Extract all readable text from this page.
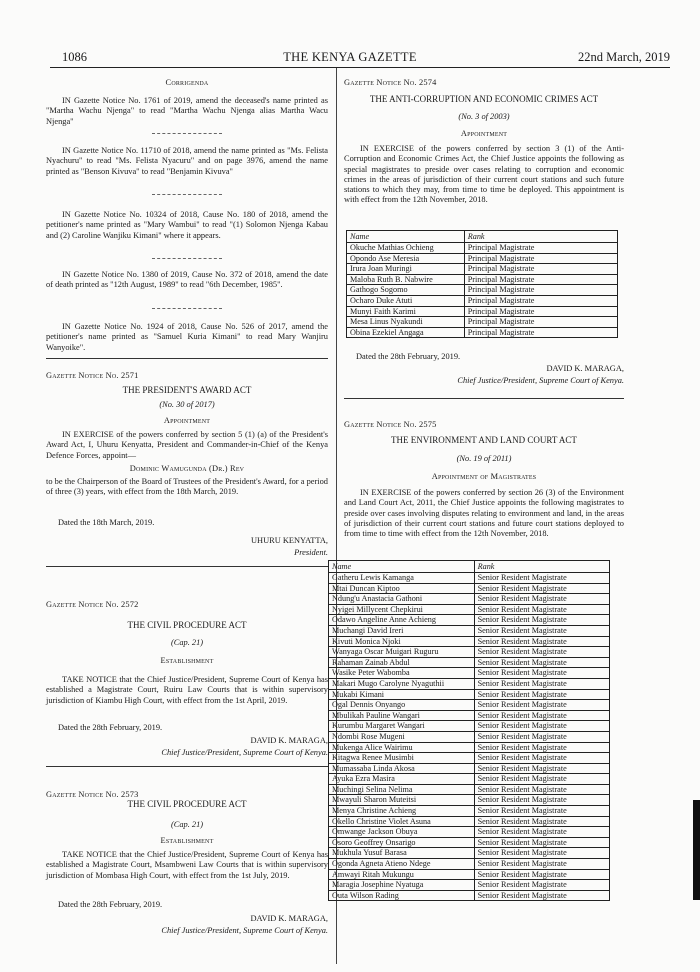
1086	THE KENYA GAZETTE	22nd March, 2019
Corrigenda
IN Gazette Notice No. 1761 of 2019, amend the deceased's name printed as "Martha Wachu Njenga" to read "Martha Wachu Njenga alias Martha Wacu Njenga"
IN Gazette Notice No. 11710 of 2018, amend the name printed as "Ms. Felista Nyachuru" to read "Ms. Felista Nyacuru" and on page 3976, amend the name printed as "Benson Kivuva" to read "Benjamin Kivuva"
IN Gazette Notice No. 10324 of 2018, Cause No. 180 of 2018, amend the petitioner's name printed as "Mary Wambui" to read "(1) Solomon Njenga Kabau and (2) Caroline Wanjiku Kimani" where it appears.
IN Gazette Notice No. 1380 of 2019, Cause No. 372 of 2018, amend the date of death printed as "12th August, 1989" to read "6th December, 1985".
IN Gazette Notice No. 1924 of 2018, Cause No. 526 of 2017, amend the petitioner's name printed as "Samuel Kuria Kimani" to read Mary Wanjiru Wanyoike".
Gazette Notice No. 2571
THE PRESIDENT'S AWARD ACT
(No. 30 of 2017)
Appointment
IN EXERCISE of the powers conferred by section 5 (1) (a) of the President's Award Act, I, Uhuru Kenyatta, President and Commander-in-Chief of the Kenya Defence Forces, appoint—
Dominic Wamugunda (Dr.) Rev
to be the Chairperson of the Board of Trustees of the President's Award, for a period of three (3) years, with effect from the 18th March, 2019.
Dated the 18th March, 2019.
UHURU KENYATTA,
President.
Gazette Notice No. 2572
THE CIVIL PROCEDURE ACT
(Cap. 21)
Establishment
TAKE NOTICE that the Chief Justice/President, Supreme Court of Kenya has established a Magistrate Court, Ruiru Law Courts that is within supervisory jurisdiction of Kiambu High Court, with effect from the 1st April, 2019.
Dated the 28th February, 2019.
DAVID K. MARAGA,
Chief Justice/President, Supreme Court of Kenya.
Gazette Notice No. 2573
THE CIVIL PROCEDURE ACT
(Cap. 21)
Establishment
TAKE NOTICE that the Chief Justice/President, Supreme Court of Kenya has established a Magistrate Court, Msambweni Law Courts that is within supervisory jurisdiction of Mombasa High Court, with effect from the 1st July, 2019.
Dated the 28th February, 2019.
DAVID K. MARAGA,
Chief Justice/President, Supreme Court of Kenya.
Gazette Notice No. 2574
THE ANTI-CORRUPTION AND ECONOMIC CRIMES ACT
(No. 3 of 2003)
Appointment
IN EXERCISE of the powers conferred by section 3 (1) of the Anti-Corruption and Economic Crimes Act, the Chief Justice appoints the following as special magistrates to preside over cases relating to corruption and economic crimes in the areas of jurisdiction of their current court stations and such future stations to which they may, from time to time be deployed. This appointment is with effect from the 12th November, 2018.
Name	Rank
Okuche Mathias Ochieng	Principal Magistrate
Opondo Ase Meresia	Principal Magistrate
Irura Joan Muringi	Principal Magistrate
Maloba Ruth B. Nabwire	Principal Magistrate
Gathogo Sogomo	Principal Magistrate
Ocharo Duke Atuti	Principal Magistrate
Munyi Faith Karimi	Principal Magistrate
Mesa Linus Nyakundi	Principal Magistrate
Obina Ezekiel Angaga	Principal Magistrate
Dated the 28th February, 2019.
DAVID K. MARAGA,
Chief Justice/President, Supreme Court of Kenya.
Gazette Notice No. 2575
THE ENVIRONMENT AND LAND COURT ACT
(No. 19 of 2011)
Appointment of Magistrates
IN EXERCISE of the powers conferred by section 26 (3) of the Environment and Land Court Act, 2011, the Chief Justice appoints the following magistrates to preside over cases involving disputes relating to environment and land, in the areas of jurisdiction of their current court stations and future court stations deployed to from time to time with effect from the 12th November, 2018.
Name	Rank
Gatheru Lewis Kamanga	Senior Resident Magistrate
Mtai Duncan Kiptoo	Senior Resident Magistrate
Ndung'u Anastacia Gathoni	Senior Resident Magistrate
Nyigei Millycent Chepkirui	Senior Resident Magistrate
Odawo Angeline Anne Achieng	Senior Resident Magistrate
Muchangi David Ireri	Senior Resident Magistrate
Kivuti Monica Njoki	Senior Resident Magistrate
Wanyaga Oscar Muigari Ruguru	Senior Resident Magistrate
Rahaman Zainab Abdul	Senior Resident Magistrate
Wasike Peter Wabomba	Senior Resident Magistrate
Makari Mugo Carolyne Nyaguthii	Senior Resident Magistrate
Mukabi Kimani	Senior Resident Magistrate
Ogal Dennis Onyango	Senior Resident Magistrate
Mbulikah Pauline Wangari	Senior Resident Magistrate
Kurumbu Margaret Wangari	Senior Resident Magistrate
Ndombi Rose Mugeni	Senior Resident Magistrate
Mukenga Alice Wairimu	Senior Resident Magistrate
Kitagwa Renee Musimbi	Senior Resident Magistrate
Mumassaba Linda Akosa	Senior Resident Magistrate
Ayuka Ezra Masira	Senior Resident Magistrate
Muchingi Selina Nelima	Senior Resident Magistrate
Mwayuli Sharon Muteitsi	Senior Resident Magistrate
Menya Christine Achieng	Senior Resident Magistrate
Okello Christine Violet Asuna	Senior Resident Magistrate
Omwange Jackson Obuya	Senior Resident Magistrate
Osoro Geoffrey Onsarigo	Senior Resident Magistrate
Mukhula Yusuf Barasa	Senior Resident Magistrate
Ogonda Agneta Atieno Ndege	Senior Resident Magistrate
Amwayi Ritah Mukungu	Senior Resident Magistrate
Maragia Josephine Nyatuga	Senior Resident Magistrate
Outa Wilson Rading	Senior Resident Magistrate
